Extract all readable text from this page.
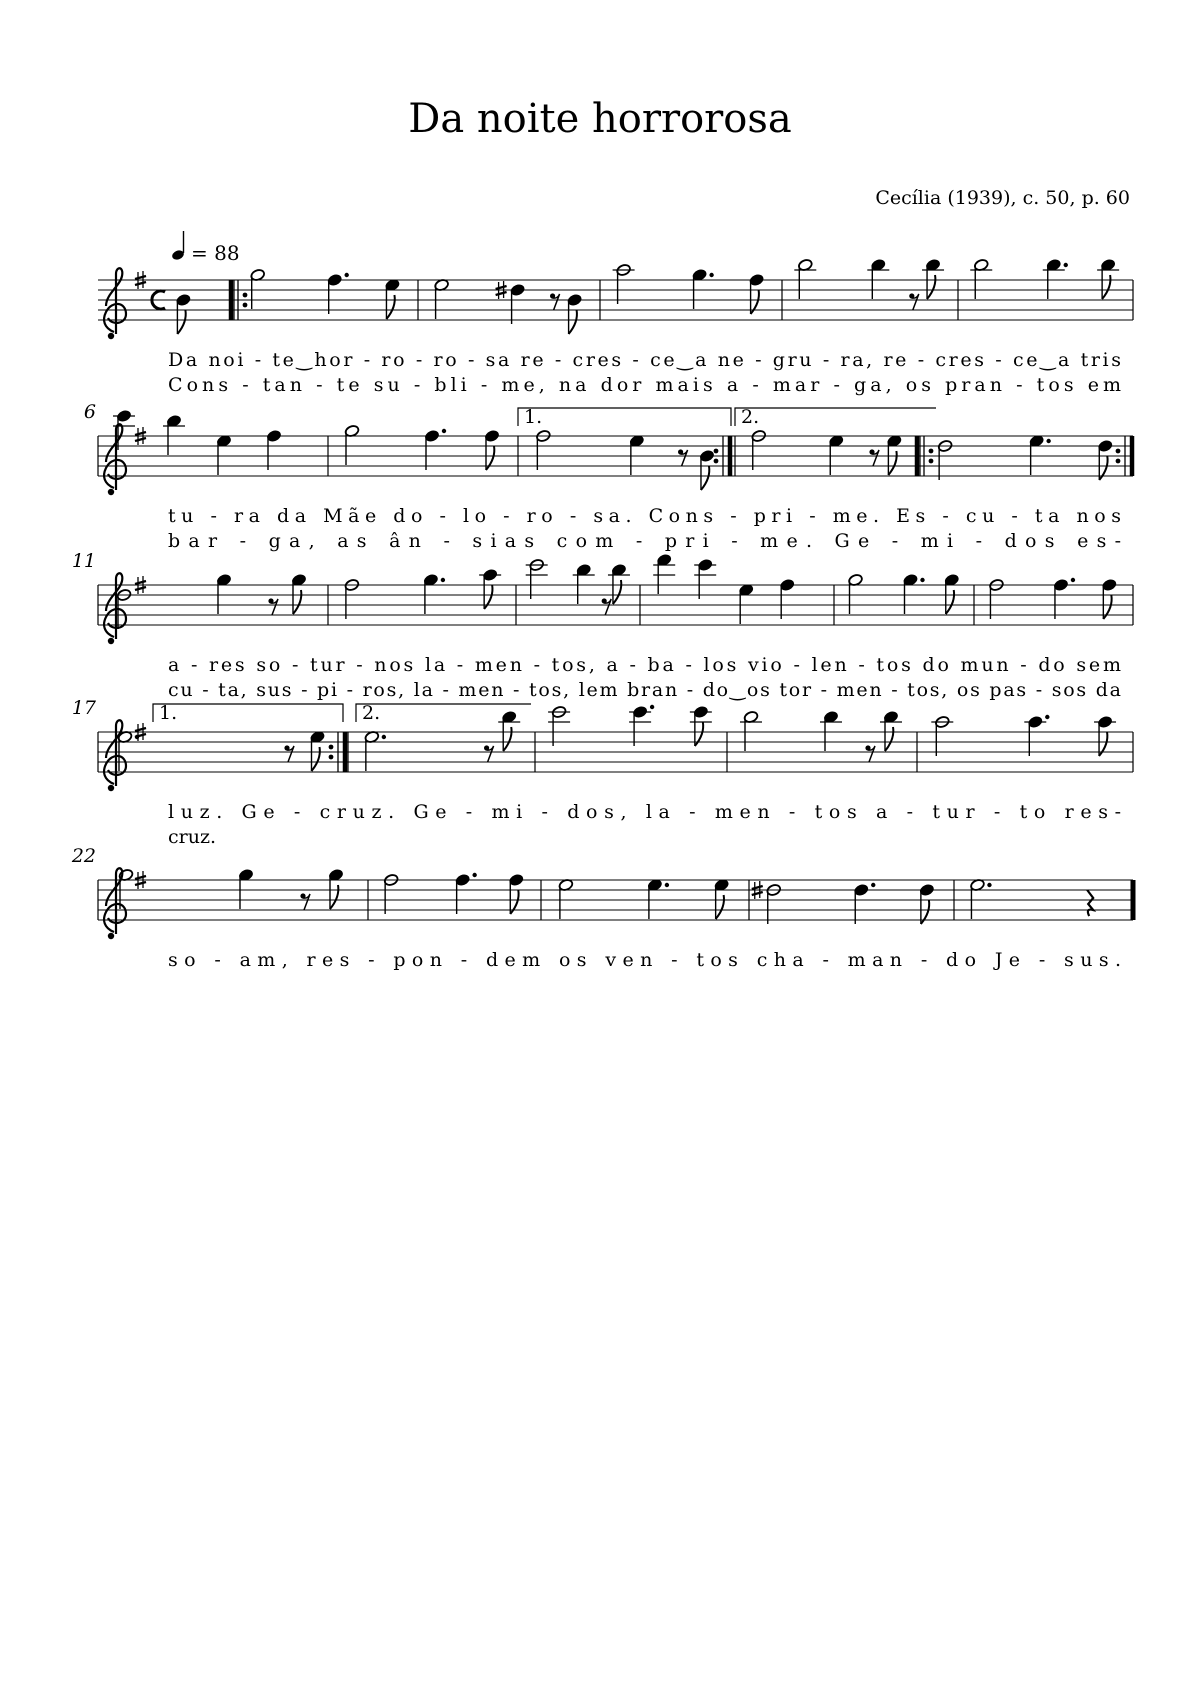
Da noite horrorosa
Cecília (1939), c. 50, p. 60
= 88
Da noi - te‿hor - ro - ro - sa re - cres - ce‿a ne - gru - ra, re - cres - ce‿a tris
Cons - tan - te su - bli - me, na dor mais a - mar - ga, os pran - tos em
6	1.	2.
tu - ra da Mãe do - lo - ro - sa. Cons - pri - me. Es - cu - ta nos
bar - ga, as ân - sias com - pri - me. Ge - mi - dos es-
11
a - res so - tur - nos la - men - tos, a - ba - los vio - len - tos do mun - do sem
cu - ta, sus - pi - ros, la - men - tos, lem bran - do‿os tor - men - tos, os pas - sos da
17	1.	2.
luz. Ge - cruz. Ge - mi - dos, la - men - tos a - tur - to res-
cruz.
22
so - am, res - pon - dem os ven - tos cha - man - do Je - sus.
